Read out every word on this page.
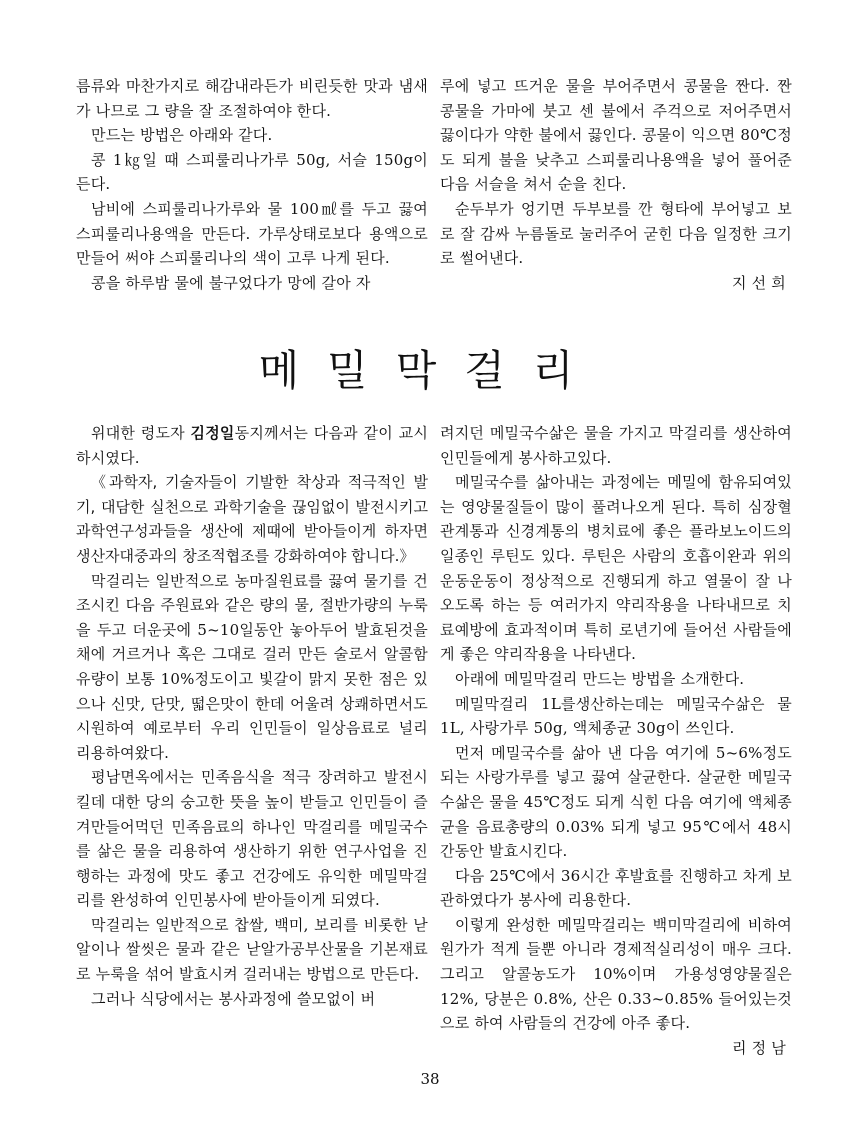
름류와 마찬가지로 해감내라든가 비린듯한 맛과 냄새가 나므로 그 량을 잘 조절하여야 한다.

만드는 방법은 아래와 같다.

콩 1㎏일 때 스피룰리나가루 50g, 서슬 150g이 든다.

남비에 스피룰리나가루와 물 100㎖를 두고 끓여 스피룰리나용액을 만든다. 가루상태로보다 용액으로 만들어 써야 스피룰리나의 색이 고루 나게 된다.

콩을 하루밤 물에 불구었다가 망에 갈아 자

루에 넣고 뜨거운 물을 부어주면서 콩물을 짠다. 짠 콩물을 가마에 붓고 센 불에서 주걱으로 저어주면서 끓이다가 약한 불에서 끓인다. 콩물이 익으면 80℃정도 되게 불을 낮추고 스피룰리나용액을 넣어 풀어준 다음 서슬을 쳐서 순을 친다.

순두부가 엉기면 두부보를 깐 형타에 부어넣고 보로 잘 감싸 누름돌로 눌러주어 굳힌 다음 일정한 크기로 썰어낸다.

지 선 희

메밀막걸리

위대한 령도자 김정일동지께서는 다음과 같이 교시하시였다.

《과학자, 기술자들이 기발한 착상과 적극적인 발기, 대담한 실천으로 과학기술을 끊임없이 발전시키고 과학연구성과들을 생산에 제때에 받아들이게 하자면 생산자대중과의 창조적협조를 강화하여야 합니다.》

막걸리는 일반적으로 농마질원료를 끓여 물기를 건조시킨 다음 주원료와 같은 량의 물, 절반가량의 누룩을 두고 더운곳에 5~10일동안 놓아두어 발효된것을 채에 거르거나 혹은 그대로 걸러 만든 술로서 알콜함유량이 보통 10%정도이고 빛갈이 맑지 못한 점은 있으나 신맛, 단맛, 떫은맛이 한데 어울려 상쾌하면서도 시원하여 예로부터 우리 인민들이 일상음료로 널리 리용하여왔다.

평남면옥에서는 민족음식을 적극 장려하고 발전시킬데 대한 당의 숭고한 뜻을 높이 받들고 인민들이 즐겨만들어먹던 민족음료의 하나인 막걸리를 메밀국수를 삶은 물을 리용하여 생산하기 위한 연구사업을 진행하는 과정에 맛도 좋고 건강에도 유익한 메밀막걸리를 완성하여 인민봉사에 받아들이게 되였다.

막걸리는 일반적으로 찹쌀, 백미, 보리를 비롯한 낟알이나 쌀씻은 물과 같은 낟알가공부산물을 기본재료로 누룩을 섞어 발효시켜 걸러내는 방법으로 만든다.

그러나 식당에서는 봉사과정에 쓸모없이 버

려지던 메밀국수삶은 물을 가지고 막걸리를 생산하여 인민들에게 봉사하고있다.

메밀국수를 삶아내는 과정에는 메밀에 함유되여있는 영양물질들이 많이 풀려나오게 된다. 특히 심장혈관계통과 신경계통의 병치료에 좋은 플라보노이드의 일종인 루틴도 있다. 루틴은 사람의 호흡이완과 위의 운동운동이 정상적으로 진행되게 하고 열물이 잘 나오도록 하는 등 여러가지 약리작용을 나타내므로 치료예방에 효과적이며 특히 로년기에 들어선 사람들에게 좋은 약리작용을 나타낸다.

아래에 메밀막걸리 만드는 방법을 소개한다.

메밀막걸리 1L를생산하는데는 메밀국수삶은 물 1L, 사랑가루 50g, 액체종균 30g이 쓰인다.

먼저 메밀국수를 삶아 낸 다음 여기에 5~6%정도 되는 사랑가루를 넣고 끓여 살균한다. 살균한 메밀국수삶은 물을 45℃정도 되게 식힌 다음 여기에 액체종균을 음료총량의 0.03% 되게 넣고 95℃에서 48시간동안 발효시킨다.

다음 25℃에서 36시간 후발효를 진행하고 차게 보관하였다가 봉사에 리용한다.

이렇게 완성한 메밀막걸리는 백미막걸리에 비하여 원가가 적게 들뿐 아니라 경제적실리성이 매우 크다. 그리고 알콜농도가 10%이며 가용성영양물질은 12%, 당분은 0.8%, 산은 0.33~0.85% 들어있는것으로 하여 사람들의 건강에 아주 좋다.

리 정 남

38
